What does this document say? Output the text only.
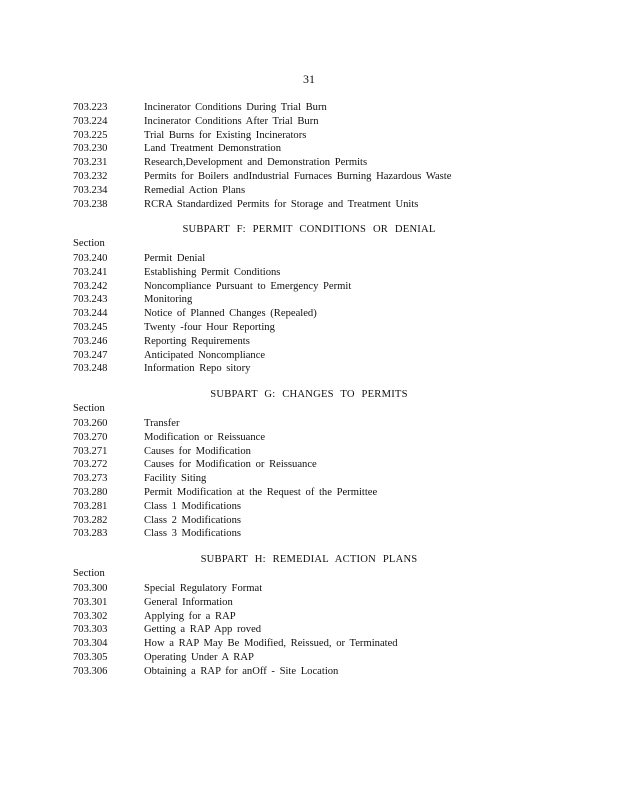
31
703.223	Incinerator Conditions During Trial Burn
703.224	Incinerator Conditions After Trial Burn
703.225	Trial Burns for Existing Incinerators
703.230	Land Treatment Demonstration
703.231	Research,Development and Demonstration Permits
703.232	Permits for Boilers andIndustrial Furnaces Burning Hazardous Waste
703.234	Remedial Action Plans
703.238	RCRA Standardized Permits for Storage and Treatment Units
SUBPART F: PERMIT CONDITIONS OR DENIAL
Section
703.240	Permit Denial
703.241	Establishing Permit Conditions
703.242	Noncompliance Pursuant to Emergency Permit
703.243	Monitoring
703.244	Notice of Planned Changes (Repealed)
703.245	Twenty -four Hour Reporting
703.246	Reporting Requirements
703.247	Anticipated Noncompliance
703.248	Information Repo sitory
SUBPART G: CHANGES TO PERMITS
Section
703.260	Transfer
703.270	Modification or Reissuance
703.271	Causes for Modification
703.272	Causes for Modification or Reissuance
703.273	Facility Siting
703.280	Permit Modification at the Request of the Permittee
703.281	Class 1 Modifications
703.282	Class 2 Modifications
703.283	Class 3 Modifications
SUBPART H: REMEDIAL ACTION PLANS
Section
703.300	Special Regulatory Format
703.301	General Information
703.302	Applying for a RAP
703.303	Getting a RAP App roved
703.304	How a RAP May Be Modified, Reissued, or Terminated
703.305	Operating Under A RAP
703.306	Obtaining a RAP for anOff - Site Location
